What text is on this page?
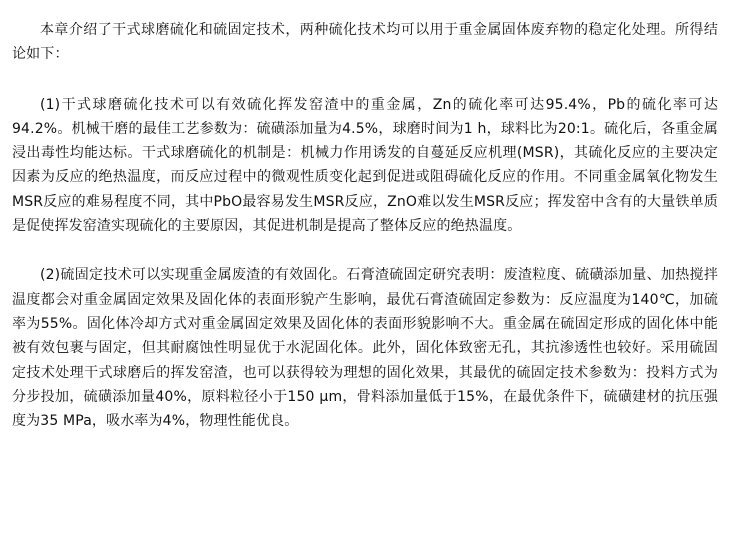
本章介绍了干式球磨硫化和硫固定技术，两种硫化技术均可以用于重金属固体废弃物的稳定化处理。所得结论如下：

(1)干式球磨硫化技术可以有效硫化挥发窑渣中的重金属，Zn的硫化率可达95.4%，Pb的硫化率可达94.2%。机械干磨的最佳工艺参数为：硫磺添加量为4.5%，球磨时间为1 h，球料比为20:1。硫化后，各重金属浸出毒性均能达标。干式球磨硫化的机制是：机械力作用诱发的自蔓延反应机理(MSR)，其硫化反应的主要决定因素为反应的绝热温度，而反应过程中的微观性质变化起到促进或阻碍硫化反应的作用。不同重金属氧化物发生MSR反应的难易程度不同，其中PbO最容易发生MSR反应，ZnO难以发生MSR反应；挥发窑中含有的大量铁单质是促使挥发窑渣实现硫化的主要原因，其促进机制是提高了整体反应的绝热温度。

(2)硫固定技术可以实现重金属废渣的有效固化。石膏渣硫固定研究表明：废渣粒度、硫磺添加量、加热搅拌温度都会对重金属固定效果及固化体的表面形貌产生影响，最优石膏渣硫固定参数为：反应温度为140℃，加硫率为55%。固化体冷却方式对重金属固定效果及固化体的表面形貌影响不大。重金属在硫固定形成的固化体中能被有效包裹与固定，但其耐腐蚀性明显优于水泥固化体。此外，固化体致密无孔，其抗渗透性也较好。采用硫固定技术处理干式球磨后的挥发窑渣，也可以获得较为理想的固化效果，其最优的硫固定技术参数为：投料方式为分步投加，硫磺添加量40%，原料粒径小于150 μm，骨料添加量低于15%，在最优条件下，硫磺建材的抗压强度为35 MPa，吸水率为4%，物理性能优良。
